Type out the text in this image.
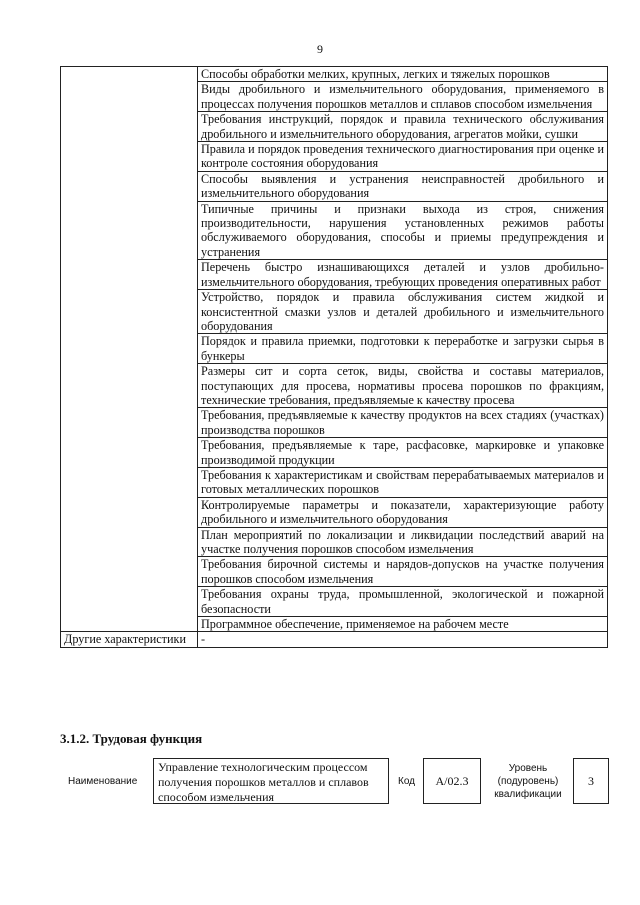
9
	Способы обработки мелких, крупных, легких и тяжелых порошков
	Виды дробильного и измельчительного оборудования, применяемого в процессах получения порошков металлов и сплавов способом измельчения
	Требования инструкций, порядок и правила технического обслуживания дробильного и измельчительного оборудования, агрегатов мойки, сушки
	Правила и порядок проведения технического диагностирования при оценке и контроле состояния оборудования
	Способы выявления и устранения неисправностей дробильного и измельчительного оборудования
	Типичные причины и признаки выхода из строя, снижения производительности, нарушения установленных режимов работы обслуживаемого оборудования, способы и приемы предупреждения и устранения
	Перечень быстро изнашивающихся деталей и узлов дробильно-измельчительного оборудования, требующих проведения оперативных работ
	Устройство, порядок и правила обслуживания систем жидкой и консистентной смазки узлов и деталей дробильного и измельчительного оборудования
	Порядок и правила приемки, подготовки к переработке и загрузки сырья в бункеры
	Размеры сит и сорта сеток, виды, свойства и составы материалов, поступающих для просева, нормативы просева порошков по фракциям, технические требования, предъявляемые к качеству просева
	Требования, предъявляемые к качеству продуктов на всех стадиях (участках) производства порошков
	Требования, предъявляемые к таре, расфасовке, маркировке и упаковке производимой продукции
	Требования к характеристикам и свойствам перерабатываемых материалов и готовых металлических порошков
	Контролируемые параметры и показатели, характеризующие работу дробильного и измельчительного оборудования
	План мероприятий по локализации и ликвидации последствий аварий на участке получения порошков способом измельчения
	Требования бирочной системы и нарядов-допусков на участке получения порошков способом измельчения
	Требования охраны труда, промышленной, экологической и пожарной безопасности
	Программное обеспечение, применяемое на рабочем месте
Другие характеристики	-
3.1.2. Трудовая функция
Наименование
Управление технологическим процессом получения порошков металлов и сплавов способом измельчения
Код	A/02.3
Уровень (подуровень) квалификации
3
